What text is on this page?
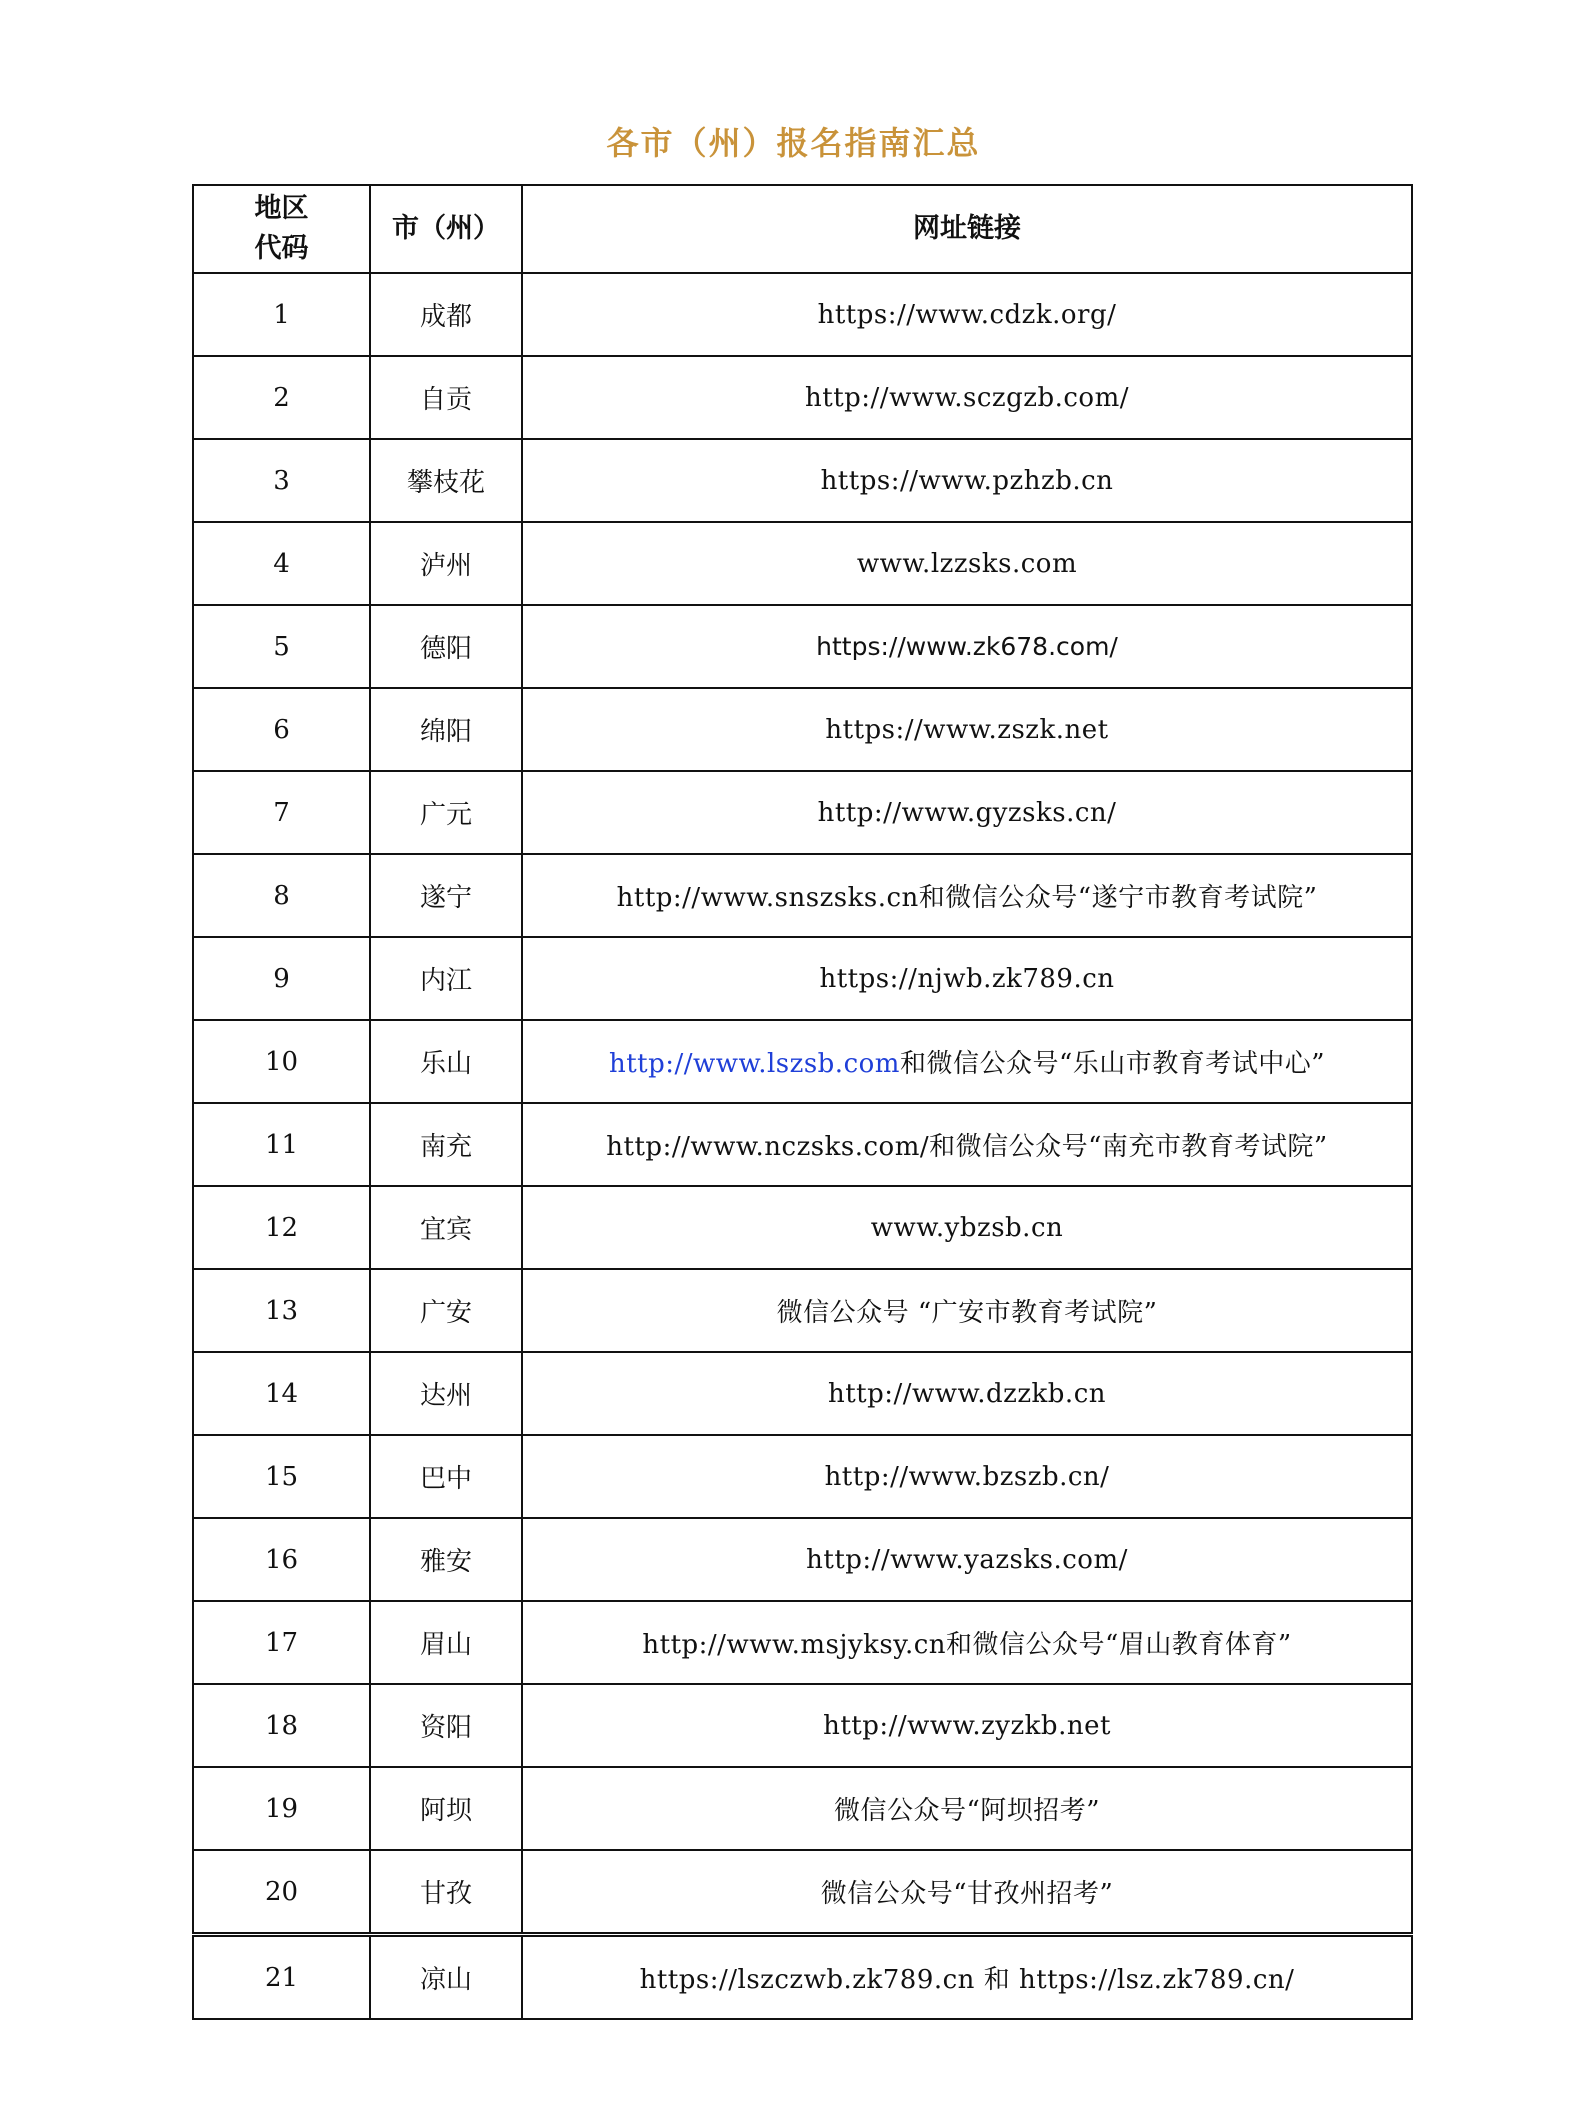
各市（州）报名指南汇总
地区
代码	市（州）	网址链接
1	成都	https://www.cdzk.org/
2	自贡	http://www.sczgzb.com/
3	攀枝花	https://www.pzhzb.cn
4	泸州	www.lzzsks.com
5	德阳	https://www.zk678.com/
6	绵阳	https://www.zszk.net
7	广元	http://www.gyzsks.cn/
8	遂宁	http://www.snszsks.cn和微信公众号“遂宁市教育考试院”
9	内江	https://njwb.zk789.cn
10	乐山	http://www.lszsb.com和微信公众号“乐山市教育考试中心”
11	南充	http://www.nczsks.com/和微信公众号“南充市教育考试院”
12	宜宾	www.ybzsb.cn
13	广安	微信公众号 “广安市教育考试院”
14	达州	http://www.dzzkb.cn
15	巴中	http://www.bzszb.cn/
16	雅安	http://www.yazsks.com/
17	眉山	http://www.msjyksy.cn和微信公众号“眉山教育体育”
18	资阳	http://www.zyzkb.net
19	阿坝	微信公众号“阿坝招考”
20	甘孜	微信公众号“甘孜州招考”
21	凉山	https://lszczwb.zk789.cn 和 https://lsz.zk789.cn/
